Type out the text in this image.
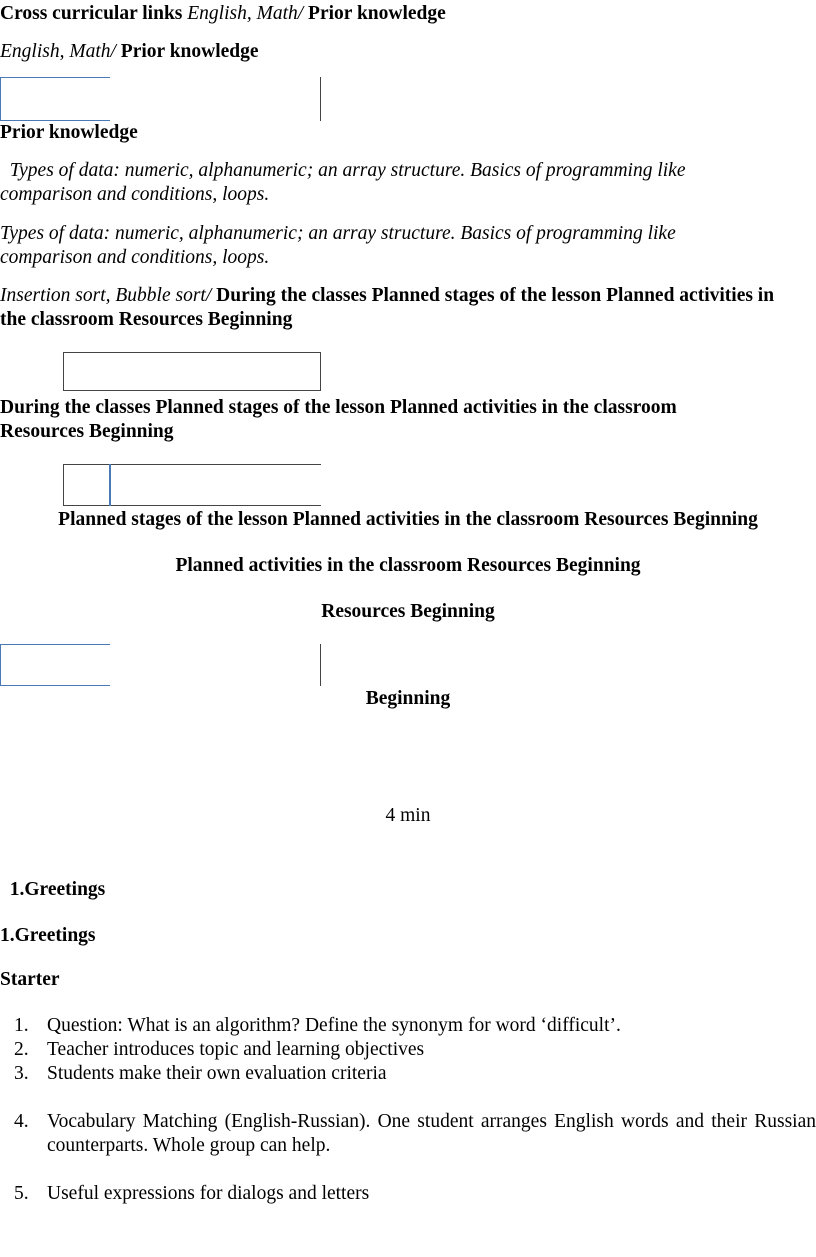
Cross curricular links English, Math/ Prior knowledge
English, Math/ Prior knowledge
Prior knowledge
Types of data: numeric, alphanumeric; an array structure. Basics of programming like comparison and conditions, loops.
Types of data: numeric, alphanumeric; an array structure. Basics of programming like comparison and conditions, loops.
Insertion sort, Bubble sort/ During the classes Planned stages of the lesson Planned activities in the classroom Resources Beginning
During the classes Planned stages of the lesson Planned activities in the classroom Resources Beginning
Planned stages of the lesson Planned activities in the classroom Resources Beginning
Planned activities in the classroom Resources Beginning
Resources Beginning
Beginning
4 min
1.Greetings
1.Greetings
Starter
1. Question: What is an algorithm? Define the synonym for word ‘difficult’.
2. Teacher introduces topic and learning objectives
3. Students make their own evaluation criteria
4. Vocabulary Matching (English-Russian). One student arranges English words and their Russian counterparts. Whole group can help.
5. Useful expressions for dialogs and letters
